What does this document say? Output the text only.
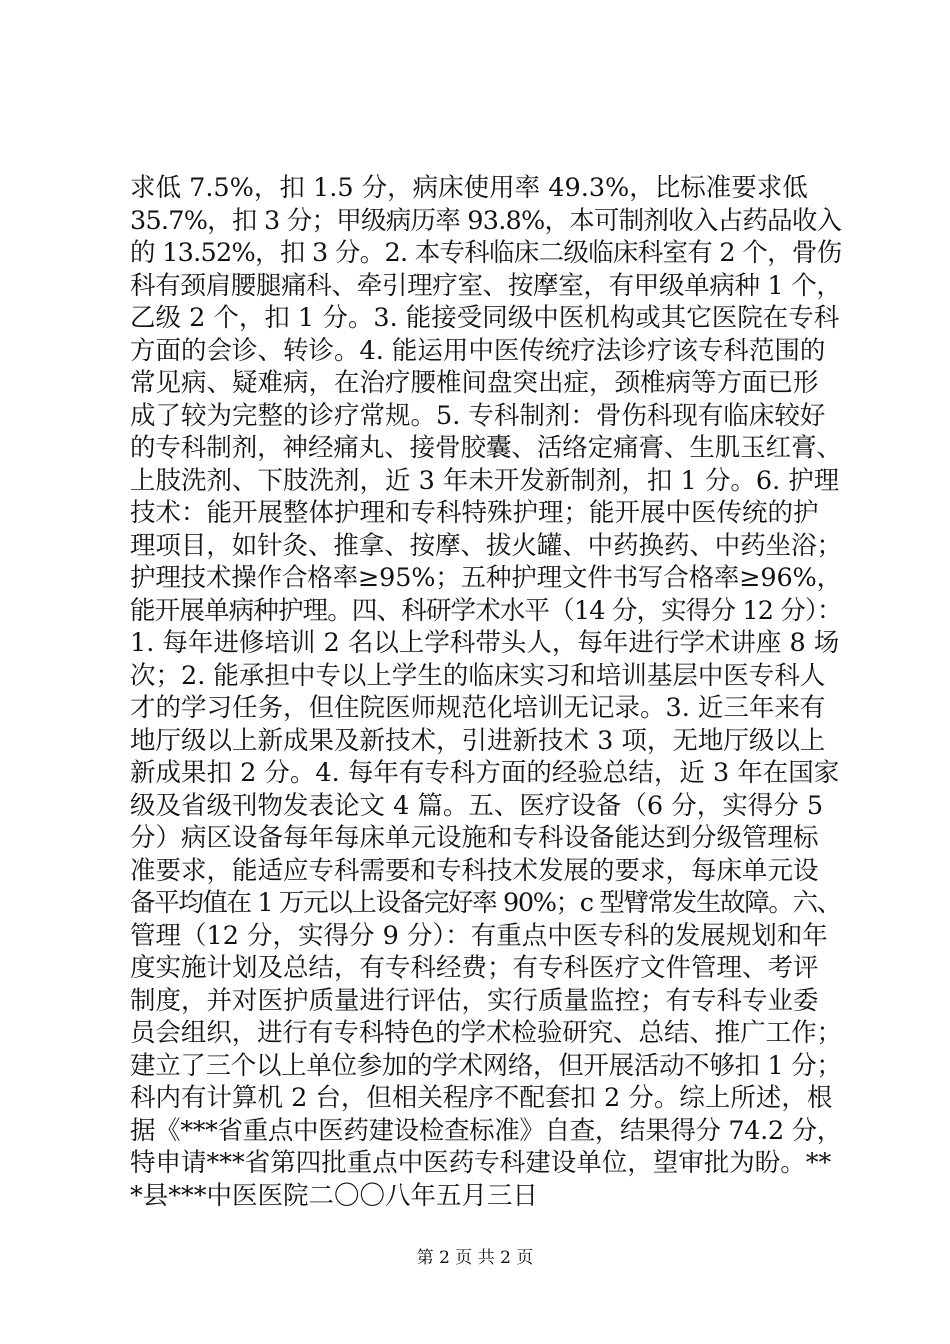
求低 7.5%，扣 1.5 分，病床使用率 49.3%，比标准要求低
35.7%，扣 3 分；甲级病历率 93.8%，本可制剂收入占药品收入
的 13.52%，扣 3 分。2. 本专科临床二级临床科室有 2 个，骨伤
科有颈肩腰腿痛科、牵引理疗室、按摩室，有甲级单病种 1 个，
乙级 2 个，扣 1 分。3. 能接受同级中医机构或其它医院在专科
方面的会诊、转诊。4. 能运用中医传统疗法诊疗该专科范围的
常见病、疑难病，在治疗腰椎间盘突出症，颈椎病等方面已形
成了较为完整的诊疗常规。5. 专科制剂：骨伤科现有临床较好
的专科制剂，神经痛丸、接骨胶囊、活络定痛膏、生肌玉红膏、
上肢洗剂、下肢洗剂，近 3 年未开发新制剂，扣 1 分。6. 护理
技术：能开展整体护理和专科特殊护理；能开展中医传统的护
理项目，如针灸、推拿、按摩、拔火罐、中药换药、中药坐浴；
护理技术操作合格率≥95%；五种护理文件书写合格率≥96%，
能开展单病种护理。四、科研学术水平（14 分，实得分 12 分）：
1. 每年进修培训 2 名以上学科带头人，每年进行学术讲座 8 场
次；2. 能承担中专以上学生的临床实习和培训基层中医专科人
才的学习任务，但住院医师规范化培训无记录。3. 近三年来有
地厅级以上新成果及新技术，引进新技术 3 项，无地厅级以上
新成果扣 2 分。4. 每年有专科方面的经验总结，近 3 年在国家
级及省级刊物发表论文 4 篇。五、医疗设备（6 分，实得分 5
分）病区设备每年每床单元设施和专科设备能达到分级管理标
准要求，能适应专科需要和专科技术发展的要求，每床单元设
备平均值在 1 万元以上设备完好率 90%；c 型臂常发生故障。六、
管理（12 分，实得分 9 分）：有重点中医专科的发展规划和年
度实施计划及总结，有专科经费；有专科医疗文件管理、考评
制度，并对医护质量进行评估，实行质量监控；有专科专业委
员会组织，进行有专科特色的学术检验研究、总结、推广工作；
建立了三个以上单位参加的学术网络，但开展活动不够扣 1 分；
科内有计算机 2 台，但相关程序不配套扣 2 分。综上所述，根
据《***省重点中医药建设检查标准》自查，结果得分 74.2 分，
特申请***省第四批重点中医药专科建设单位，望审批为盼。**
*县***中医医院二〇〇八年五月三日
第 2 页 共 2 页
